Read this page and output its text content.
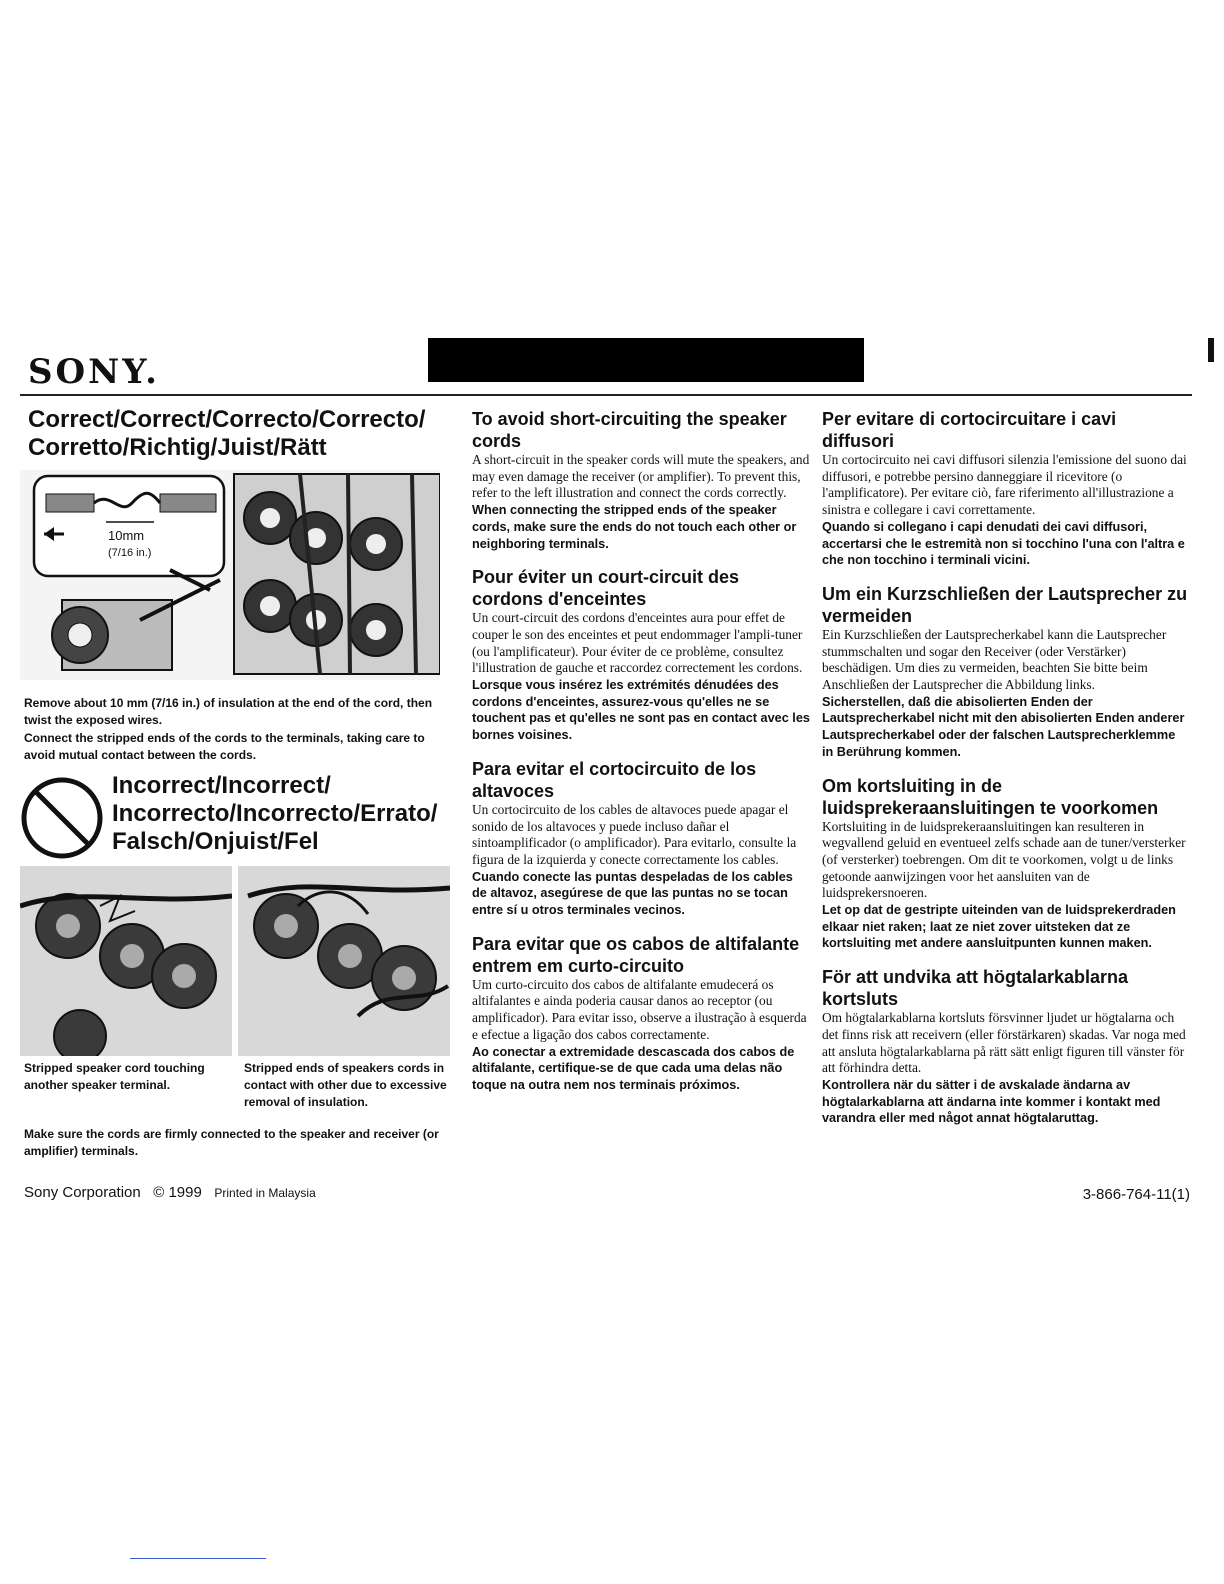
SONY.
Correct/Correct/Correcto/Correcto/
Corretto/Richtig/Juist/Rätt
10mm
(7/16 in.)
Remove about 10 mm (7/16 in.) of insulation at the end of the cord, then twist the exposed wires.
Connect the stripped ends of the cords to the terminals, taking care to avoid mutual contact between the cords.
Incorrect/Incorrect/
Incorrecto/Incorrecto/Errato/
Falsch/Onjuist/Fel
Stripped speaker cord touching another speaker terminal.
Stripped ends of speakers cords in contact with other due to excessive removal of insulation.
Make sure the cords are firmly connected to the speaker and receiver (or amplifier) terminals.
Sony Corporation © 1999 Printed in Malaysia	3-866-764-11(1)

To avoid short-circuiting the speaker cords

A short-circuit in the speaker cords will mute the speakers, and may even damage the receiver (or amplifier). To prevent this, refer to the left illustration and connect the cords correctly.

When connecting the stripped ends of the speaker cords, make sure the ends do not touch each other or neighboring terminals.

Pour éviter un court-circuit des cordons d'enceintes

Un court-circuit des cordons d'enceintes aura pour effet de couper le son des enceintes et peut endommager l'ampli-tuner (ou l'amplificateur). Pour éviter de ce problème, consultez l'illustration de gauche et raccordez correctement les cordons.

Lorsque vous insérez les extrémités dénudées des cordons d'enceintes, assurez-vous qu'elles ne se touchent pas et qu'elles ne sont pas en contact avec les bornes voisines.

Para evitar el cortocircuito de los altavoces

Un cortocircuito de los cables de altavoces puede apagar el sonido de los altavoces y puede incluso dañar el sintoamplificador (o amplificador). Para evitarlo, consulte la figura de la izquierda y conecte correctamente los cables.

Cuando conecte las puntas despeladas de los cables de altavoz, asegúrese de que las puntas no se tocan entre sí u otros terminales vecinos.

Para evitar que os cabos de altifalante entrem em curto-circuito

Um curto-circuito dos cabos de altifalante emudecerá os altifalantes e ainda poderia causar danos ao receptor (ou amplificador). Para evitar isso, observe a ilustração à esquerda e efectue a ligação dos cabos correctamente.

Ao conectar a extremidade descascada dos cabos de altifalante, certifique-se de que cada uma delas não toque na outra nem nos terminais próximos.

Per evitare di cortocircuitare i cavi diffusori

Un cortocircuito nei cavi diffusori silenzia l'emissione del suono dai diffusori, e potrebbe persino danneggiare il ricevitore (o l'amplificatore). Per evitare ciò, fare riferimento all'illustrazione a sinistra e collegare i cavi correttamente.

Quando si collegano i capi denudati dei cavi diffusori, accertarsi che le estremità non si tocchino l'una con l'altra e che non tocchino i terminali vicini.

Um ein Kurzschließen der Lautsprecher zu vermeiden

Ein Kurzschließen der Lautsprecherkabel kann die Lautsprecher stummschalten und sogar den Receiver (oder Verstärker) beschädigen. Um dies zu vermeiden, beachten Sie bitte beim Anschließen der Lautsprecher die Abbildung links.

Sicherstellen, daß die abisolierten Enden der Lautsprecherkabel nicht mit den abisolierten Enden anderer Lautsprecherkabel oder der falschen Lautsprecherklemme in Berührung kommen.

Om kortsluiting in de luidsprekeraansluitingen te voorkomen

Kortsluiting in de luidsprekeraansluitingen kan resulteren in wegvallend geluid en eventueel zelfs schade aan de tuner/versterker (of versterker) toebrengen. Om dit te voorkomen, volgt u de links getoonde aanwijzingen voor het aansluiten van de luidsprekersnoeren.

Let op dat de gestripte uiteinden van de luidsprekerdraden elkaar niet raken; laat ze niet zover uitsteken dat ze kortsluiting met andere aansluitpunten kunnen maken.

För att undvika att högtalarkablarna kortsluts

Om högtalarkablarna kortsluts försvinner ljudet ur högtalarna och det finns risk att receivern (eller förstärkaren) skadas. Var noga med att ansluta högtalarkablarna på rätt sätt enligt figuren till vänster för att förhindra detta.

Kontrollera när du sätter i de avskalade ändarna av högtalarkablarna att ändarna inte kommer i kontakt med varandra eller med något annat högtalaruttag.
